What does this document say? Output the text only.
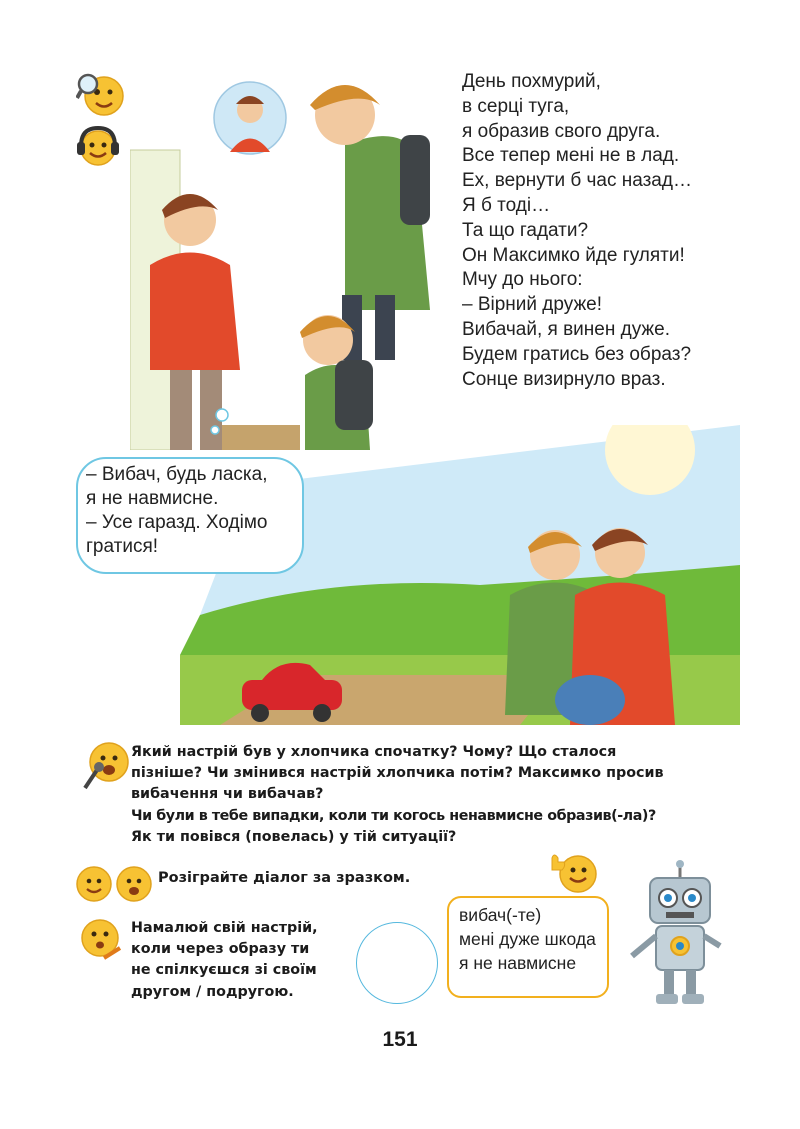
День похмурий,
в серці туга,
я образив свого друга.
Все тепер мені не в лад.
Ех, вернути б час назад…
Я б тоді…
Та що гадати?
Он Максимко йде гуляти!
Мчу до нього:
– Вірний друже!
Вибачай, я винен дуже.
Будем гратись без образ?
Сонце визирнуло враз.
– Вибач, будь ласка,
я не навмисне.
– Усе гаразд. Ходімо
гратися!
Який настрій був у хлопчика спочатку? Чому? Що сталося
пізніше? Чи змінився настрій хлопчика потім? Максимко просив
вибачення чи вибачав?
Чи були в тебе випадки, коли ти когось ненавмисне образив(-ла)?
Як ти повівся (повелась) у тій ситуації?
Розіграйте діалог за зразком.
Намалюй свій настрій,
коли через образу ти
не спілкуєшся зі своїм
другом / подругою.
вибач(-те)
мені дуже шкода
я не навмисне
151
